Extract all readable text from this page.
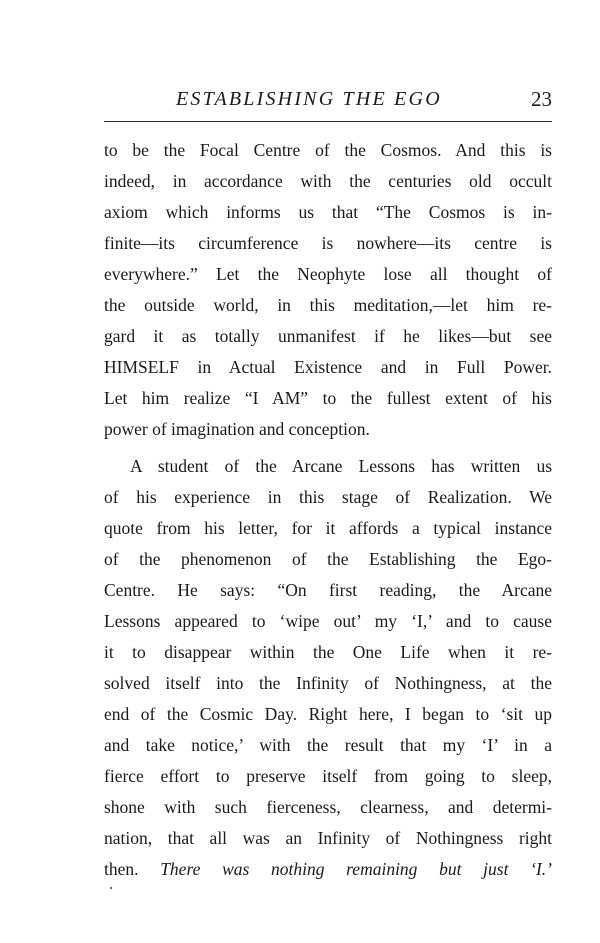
ESTABLISHING THE EGO	23
to be the Focal Centre of the Cosmos. And this is
indeed, in accordance with the centuries old occult
axiom which informs us that “The Cosmos is in-
finite—its circumference is nowhere—its centre is
everywhere.” Let the Neophyte lose all thought of
the outside world, in this meditation,—let him re-
gard it as totally unmanifest if he likes—but see
HIMSELF in Actual Existence and in Full Power.
Let him realize “I AM” to the fullest extent of his
power of imagination and conception.
A student of the Arcane Lessons has written us
of his experience in this stage of Realization. We
quote from his letter, for it affords a typical instance
of the phenomenon of the Establishing the Ego-
Centre. He says: “On first reading, the Arcane
Lessons appeared to ‘wipe out’ my ‘I,’ and to cause
it to disappear within the One Life when it re-
solved itself into the Infinity of Nothingness, at the
end of the Cosmic Day. Right here, I began to ‘sit up
and take notice,’ with the result that my ‘I’ in a
fierce effort to preserve itself from going to sleep,
shone with such fierceness, clearness, and determi-
nation, that all was an Infinity of Nothingness right
then. There was nothing remaining but just ‘I.’
